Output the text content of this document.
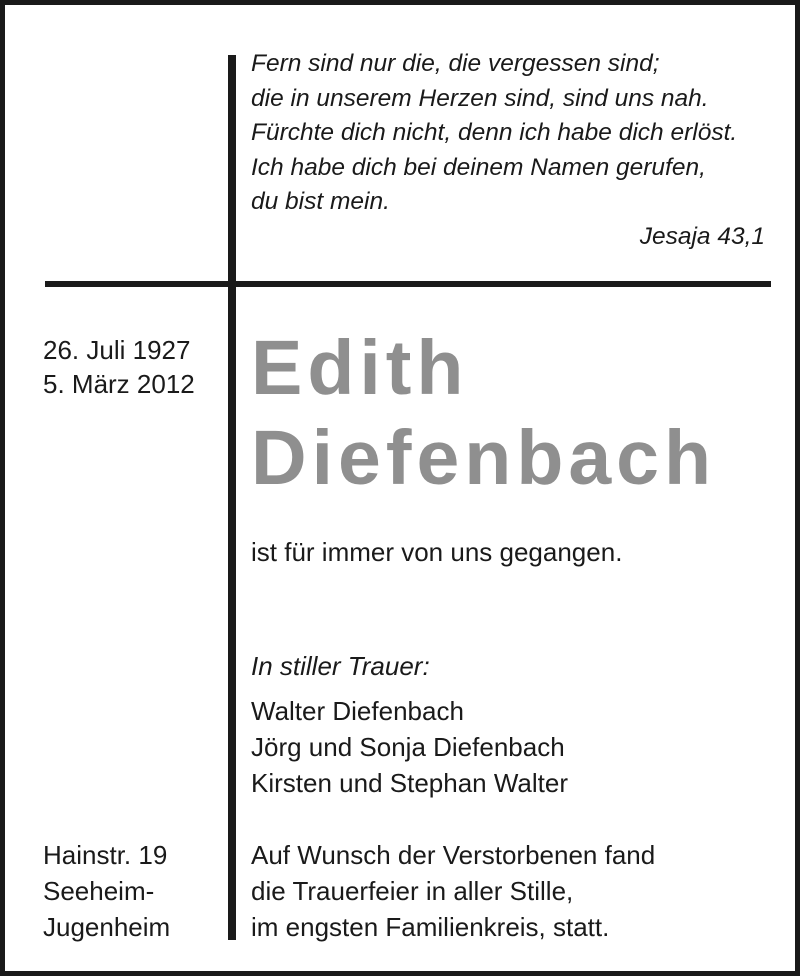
Fern sind nur die, die vergessen sind;
die in unserem Herzen sind, sind uns nah.
Fürchte dich nicht, denn ich habe dich erlöst.
Ich habe dich bei deinem Namen gerufen,
du bist mein.
Jesaja 43,1
26. Juli 1927
5. März 2012 Edith
Diefenbach
ist für immer von uns gegangen.
In stiller Trauer:
Walter Diefenbach
Jörg und Sonja Diefenbach
Kirsten und Stephan Walter
Hainstr. 19
Seeheim-
Jugenheim
Auf Wunsch der Verstorbenen fand
die Trauerfeier in aller Stille,
im engsten Familienkreis, statt.
